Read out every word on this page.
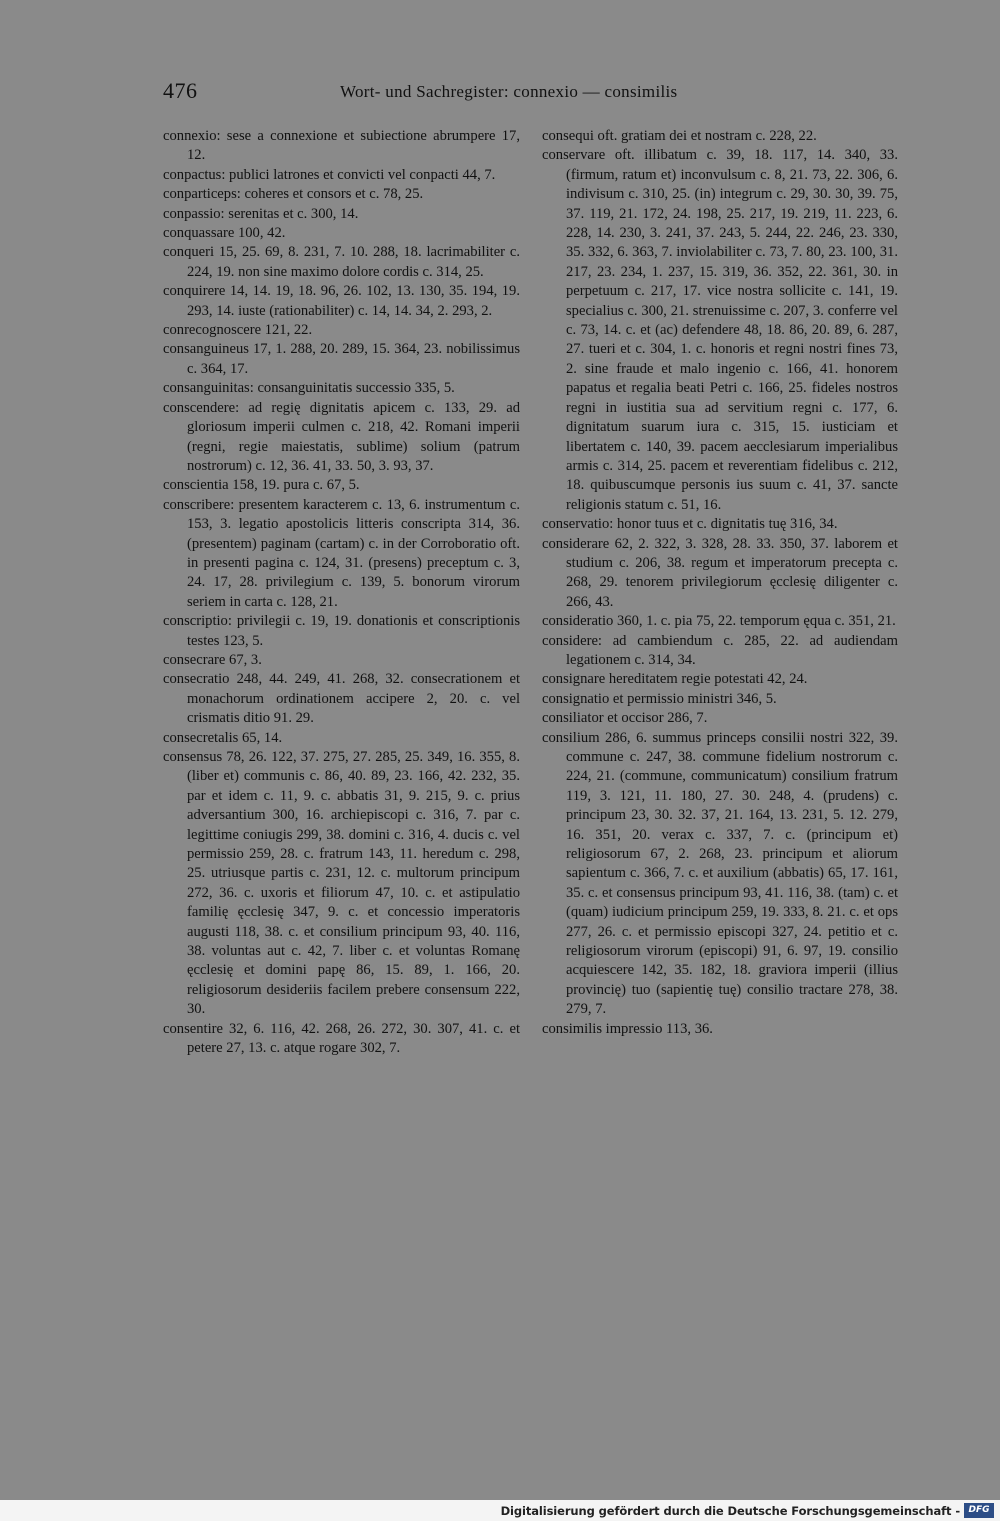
476	Wort- und Sachregister: connexio — consimilis

connexio: sese a connexione et subiectione abrumpere 17, 12.

conpactus: publici latrones et convicti vel conpacti 44, 7.

conparticeps: coheres et consors et c. 78, 25.

conpassio: serenitas et c. 300, 14.

conquassare 100, 42.

conqueri 15, 25. 69, 8. 231, 7. 10. 288, 18. lacrimabiliter c. 224, 19. non sine maximo dolore cordis c. 314, 25.

conquirere 14, 14. 19, 18. 96, 26. 102, 13. 130, 35. 194, 19. 293, 14. iuste (rationabiliter) c. 14, 14. 34, 2. 293, 2.

conrecognoscere 121, 22.

consanguineus 17, 1. 288, 20. 289, 15. 364, 23. nobilissimus c. 364, 17.

consanguinitas: consanguinitatis successio 335, 5.

conscendere: ad regię dignitatis apicem c. 133, 29. ad gloriosum imperii culmen c. 218, 42. Romani imperii (regni, regie maiestatis, sublime) solium (patrum nostrorum) c. 12, 36. 41, 33. 50, 3. 93, 37.

conscientia 158, 19. pura c. 67, 5.

conscribere: presentem karacterem c. 13, 6. instrumentum c. 153, 3. legatio apostolicis litteris conscripta 314, 36. (presentem) paginam (cartam) c. in der Corroboratio oft. in presenti pagina c. 124, 31. (presens) preceptum c. 3, 24. 17, 28. privilegium c. 139, 5. bonorum virorum seriem in carta c. 128, 21.

conscriptio: privilegii c. 19, 19. donationis et conscriptionis testes 123, 5.

consecrare 67, 3.

consecratio 248, 44. 249, 41. 268, 32. consecrationem et monachorum ordinationem accipere 2, 20. c. vel crismatis ditio 91. 29.

consecretalis 65, 14.

consensus 78, 26. 122, 37. 275, 27. 285, 25. 349, 16. 355, 8. (liber et) communis c. 86, 40. 89, 23. 166, 42. 232, 35. par et idem c. 11, 9. c. abbatis 31, 9. 215, 9. c. prius adversantium 300, 16. archiepiscopi c. 316, 7. par c. legittime coniugis 299, 38. domini c. 316, 4. ducis c. vel permissio 259, 28. c. fratrum 143, 11. heredum c. 298, 25. utriusque partis c. 231, 12. c. multorum principum 272, 36. c. uxoris et filiorum 47, 10. c. et astipulatio familię ęcclesię 347, 9. c. et concessio imperatoris augusti 118, 38. c. et consilium principum 93, 40. 116, 38. voluntas aut c. 42, 7. liber c. et voluntas Romanę ęcclesię et domini papę 86, 15. 89, 1. 166, 20. religiosorum desideriis facilem prebere consensum 222, 30.

consentire 32, 6. 116, 42. 268, 26. 272, 30. 307, 41. c. et petere 27, 13. c. atque rogare 302, 7.

consequi oft. gratiam dei et nostram c. 228, 22.

conservare oft. illibatum c. 39, 18. 117, 14. 340, 33. (firmum, ratum et) inconvulsum c. 8, 21. 73, 22. 306, 6. indivisum c. 310, 25. (in) integrum c. 29, 30. 30, 39. 75, 37. 119, 21. 172, 24. 198, 25. 217, 19. 219, 11. 223, 6. 228, 14. 230, 3. 241, 37. 243, 5. 244, 22. 246, 23. 330, 35. 332, 6. 363, 7. inviolabiliter c. 73, 7. 80, 23. 100, 31. 217, 23. 234, 1. 237, 15. 319, 36. 352, 22. 361, 30. in perpetuum c. 217, 17. vice nostra sollicite c. 141, 19. specialius c. 300, 21. strenuissime c. 207, 3. conferre vel c. 73, 14. c. et (ac) defendere 48, 18. 86, 20. 89, 6. 287, 27. tueri et c. 304, 1. c. honoris et regni nostri fines 73, 2. sine fraude et malo ingenio c. 166, 41. honorem papatus et regalia beati Petri c. 166, 25. fideles nostros regni in iustitia sua ad servitium regni c. 177, 6. dignitatum suarum iura c. 315, 15. iusticiam et libertatem c. 140, 39. pacem aecclesiarum imperialibus armis c. 314, 25. pacem et reverentiam fidelibus c. 212, 18. quibuscumque personis ius suum c. 41, 37. sancte religionis statum c. 51, 16.

conservatio: honor tuus et c. dignitatis tuę 316, 34.

considerare 62, 2. 322, 3. 328, 28. 33. 350, 37. laborem et studium c. 206, 38. regum et imperatorum precepta c. 268, 29. tenorem privilegiorum ęcclesię diligenter c. 266, 43.

consideratio 360, 1. c. pia 75, 22. temporum ęqua c. 351, 21.

considere: ad cambiendum c. 285, 22. ad audiendam legationem c. 314, 34.

consignare hereditatem regie potestati 42, 24.

consignatio et permissio ministri 346, 5.

consiliator et occisor 286, 7.

consilium 286, 6. summus princeps consilii nostri 322, 39. commune c. 247, 38. commune fidelium nostrorum c. 224, 21. (commune, communicatum) consilium fratrum 119, 3. 121, 11. 180, 27. 30. 248, 4. (prudens) c. principum 23, 30. 32. 37, 21. 164, 13. 231, 5. 12. 279, 16. 351, 20. verax c. 337, 7. c. (principum et) religiosorum 67, 2. 268, 23. principum et aliorum sapientum c. 366, 7. c. et auxilium (abbatis) 65, 17. 161, 35. c. et consensus principum 93, 41. 116, 38. (tam) c. et (quam) iudicium principum 259, 19. 333, 8. 21. c. et ops 277, 26. c. et permissio episcopi 327, 24. petitio et c. religiosorum virorum (episcopi) 91, 6. 97, 19. consilio acquiescere 142, 35. 182, 18. graviora imperii (illius provincię) tuo (sapientię tuę) consilio tractare 278, 38. 279, 7.

consimilis impressio 113, 36.

Digitalisierung gefördert durch die Deutsche Forschungsgemeinschaft - DFG
